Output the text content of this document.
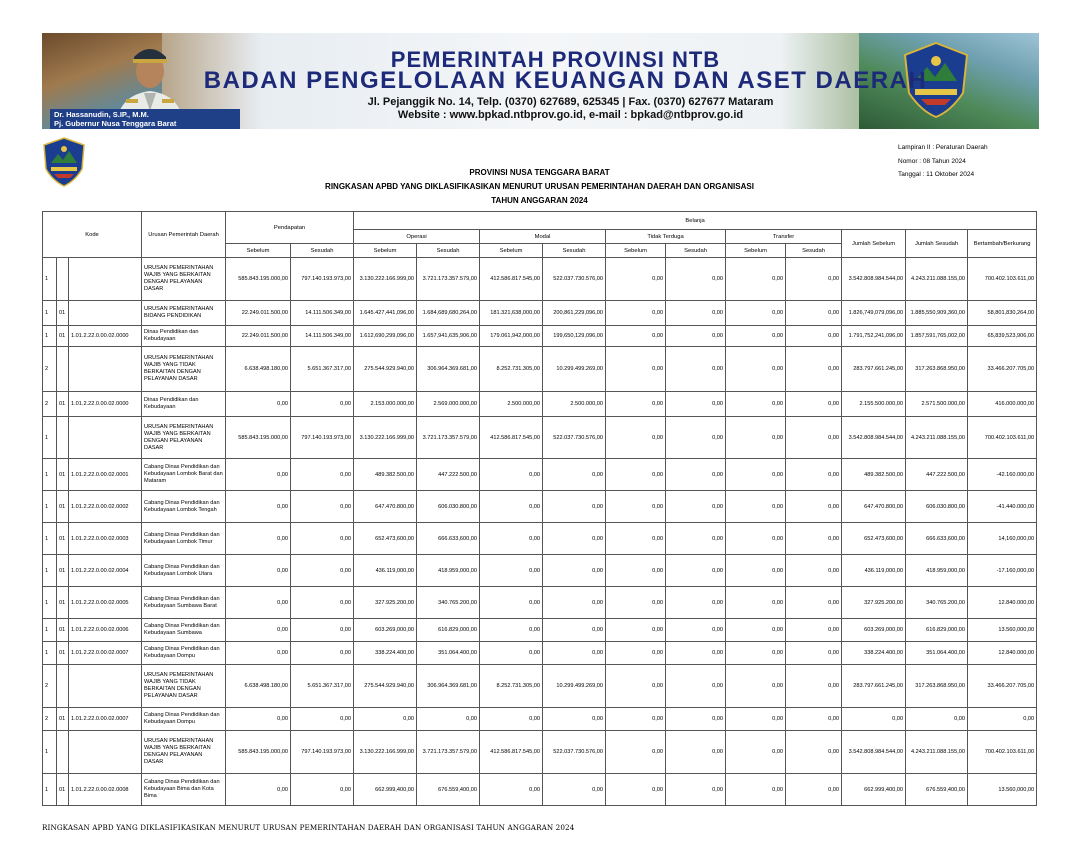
PEMERINTAH PROVINSI NTB
BADAN PENGELOLAAN KEUANGAN DAN ASET DAERAH
Jl. Pejanggik No. 14, Telp. (0370) 627689, 625345 | Fax. (0370) 627677 Mataram
Website : www.bpkad.ntbprov.go.id, e-mail : bpkad@ntbprov.go.id
Dr. Hassanudin, S.IP., M.M.
Pj. Gubernur Nusa Tenggara Barat
Lampiran II : Peraturan Daerah
Nomor : 08 Tahun 2024
Tanggal : 11 Oktober 2024
PROVINSI NUSA TENGGARA BARAT
RINGKASAN APBD YANG DIKLASIFIKASIKAN MENURUT URUSAN PEMERINTAHAN DAERAH DAN ORGANISASI
TAHUN ANGGARAN 2024
Kode			Urusan Pemerintah Daerah	Pendapatan		Belanja										
						Operasi		Modal		Tidak Terduga		Transfer		Jumlah Sebelum	Jumlah Sesudah	Bertambah/Berkurang
				Sebelum	Sesudah	Sebelum	Sesudah	Sebelum	Sesudah	Sebelum	Sesudah	Sebelum	Sesudah			
1			URUSAN PEMERINTAHAN WAJIB YANG BERKAITAN DENGAN PELAYANAN DASAR	585.843.195.000,00	797.140.193.973,00	3.130.222.166.999,00	3.721.173.357.579,00	412.586.817.545,00	522.037.730.576,00	0,00	0,00	0,00	0,00	3.542.808.984.544,00	4.243.211.088.155,00	700.402.103.611,00
1	01		URUSAN PEMERINTAHAN BIDANG PENDIDIKAN	22.249.011.500,00	14.111.506.349,00	1.645.427,441,096,00	1.684,689,680,264,00	181.321,638,000,00	200,861,229,096,00	0,00	0,00	0,00	0,00	1.826,749,079,096,00	1.885,550,909,360,00	58,801,830,264,00
1	01	1.01.2.22.0.00.02.0000	Dinas Pendidikan dan Kebudayaan	22.249.011.500,00	14.111.506.349,00	1.612,690,299,096,00	1.657,941,635,906,00	179.061,942,000,00	199,650,129,096,00	0,00	0,00	0,00	0,00	1.791,752,241,096,00	1.857,591,765,002,00	65,839,523,906,00
2			URUSAN PEMERINTAHAN WAJIB YANG TIDAK BERKAITAN DENGAN PELAYANAN DASAR	6.638.498.180,00	5.651.367.317,00	275.544.929.940,00	306.964.369.681,00	8.252.731.305,00	10.299.499.269,00	0,00	0,00	0,00	0,00	283.797.661.245,00	317.263.868.950,00	33.466.207.705,00
2	01	1.01.2.22.0.00.02.0000	Dinas Pendidikan dan Kebudayaan	0,00	0,00	2.153.000.000,00	2.569.000.000,00	2.500.000,00	2.500.000,00	0,00	0,00	0,00	0,00	2.155.500.000,00	2.571.500.000,00	416.000.000,00
1			URUSAN PEMERINTAHAN WAJIB YANG BERKAITAN DENGAN PELAYANAN DASAR	585.843.195.000,00	797.140.193.973,00	3.130.222.166.999,00	3.721.173.357.579,00	412.586.817.545,00	522.037.730.576,00	0,00	0,00	0,00	0,00	3.542.808.984.544,00	4.243.211.088.155,00	700.402.103.611,00
1	01	1.01.2.22.0.00.02.0001	Cabang Dinas Pendidikan dan Kebudayaan Lombok Barat dan Mataram	0,00	0,00	489.382.500,00	447.222.500,00	0,00	0,00	0,00	0,00	0,00	0,00	489.382.500,00	447.222.500,00	-42.160.000,00
1	01	1.01.2.22.0.00.02.0002	Cabang Dinas Pendidikan dan Kebudayaan Lombok Tengah	0,00	0,00	647.470.800,00	606.030.800,00	0,00	0,00	0,00	0,00	0,00	0,00	647.470.800,00	606.030.800,00	-41.440.000,00
1	01	1.01.2.22.0.00.02.0003	Cabang Dinas Pendidikan dan Kebudayaan Lombok Timur	0,00	0,00	652.473,600,00	666.633,600,00	0,00	0,00	0,00	0,00	0,00	0,00	652.473,600,00	666.633,600,00	14,160,000,00
1	01	1.01.2.22.0.00.02.0004	Cabang Dinas Pendidikan dan Kebudayaan Lombok Utara	0,00	0,00	436.119,000,00	418.959,000,00	0,00	0,00	0,00	0,00	0,00	0,00	436.119,000,00	418.959,000,00	-17.160,000,00
1	01	1.01.2.22.0.00.02.0005	Cabang Dinas Pendidikan dan Kebudayaan Sumbawa Barat	0,00	0,00	327.925.200,00	340.765.200,00	0,00	0,00	0,00	0,00	0,00	0,00	327.925.200,00	340.765.200,00	12.840.000,00
1	01	1.01.2.22.0.00.02.0006	Cabang Dinas Pendidikan dan Kebudayaan Sumbawa	0,00	0,00	603.269,000,00	616.829,000,00	0,00	0,00	0,00	0,00	0,00	0,00	603.269,000,00	616.829,000,00	13.560,000,00
1	01	1.01.2.22.0.00.02.0007	Cabang Dinas Pendidikan dan Kebudayaan Dompu	0,00	0,00	338.224.400,00	351.064.400,00	0,00	0,00	0,00	0,00	0,00	0,00	338.224.400,00	351.064.400,00	12.840.000,00
2			URUSAN PEMERINTAHAN WAJIB YANG TIDAK BERKAITAN DENGAN PELAYANAN DASAR	6.638.498.180,00	5.651.367.317,00	275.544.929.940,00	306.964.369.681,00	8.252.731.305,00	10.299.499.269,00	0,00	0,00	0,00	0,00	283.797.661.245,00	317.263.868.950,00	33.466.207.705,00
2	01	1.01.2.22.0.00.02.0007	Cabang Dinas Pendidikan dan Kebudayaan Dompu	0,00	0,00	0,00	0,00	0,00	0,00	0,00	0,00	0,00	0,00	0,00	0,00	0,00
1			URUSAN PEMERINTAHAN WAJIB YANG BERKAITAN DENGAN PELAYANAN DASAR	585.843.195.000,00	797.140.193.973,00	3.130.222.166.999,00	3.721.173.357.579,00	412.586.817.545,00	522.037.730.576,00	0,00	0,00	0,00	0,00	3.542.808.984.544,00	4.243.211.088.155,00	700.402.103.611,00
1	01	1.01.2.22.0.00.02.0008	Cabang Dinas Pendidikan dan Kebudayaan Bima dan Kota Bima	0,00	0,00	662.999,400,00	676.559,400,00	0,00	0,00	0,00	0,00	0,00	0,00	662.999,400,00	676.559,400,00	13.560,000,00
RINGKASAN APBD YANG DIKLASIFIKASIKAN MENURUT URUSAN PEMERINTAHAN DAERAH DAN ORGANISASI TAHUN ANGGARAN 2024
